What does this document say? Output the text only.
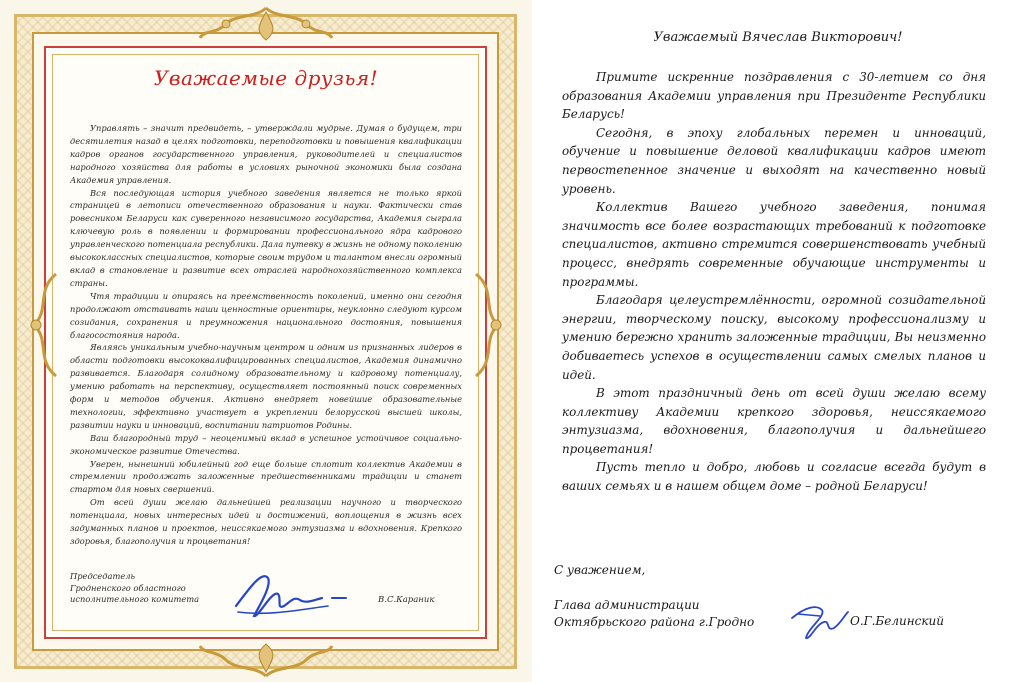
Уважаемые друзья!

Управлять – значит предвидеть, – утверждали мудрые. Думая о будущем, три десятилетия назад в целях подготовки, переподготовки и повышения квалификации кадров органов государственного управления, руководителей и специалистов народного хозяйства для работы в условиях рыночной экономики была создана Академия управления.

Вся последующая история учебного заведения является не только яркой страницей в летописи отечественного образования и науки. Фактически став ровесником Беларуси как суверенного независимого государства, Академия сыграла ключевую роль в появлении и формировании профессионального ядра кадрового управленческого потенциала республики. Дала путевку в жизнь не одному поколению высококлассных специалистов, которые своим трудом и талантом внесли огромный вклад в становление и развитие всех отраслей народнохозяйственного комплекса страны.

Чтя традиции и опираясь на преемственность поколений, именно они сегодня продолжают отстаивать наши ценностные ориентиры, неуклонно следуют курсом созидания, сохранения и преумножения национального достояния, повышения благосостояния народа.

Являясь уникальным учебно-научным центром и одним из признанных лидеров в области подготовки высококвалифицированных специалистов, Академия динамично развивается. Благодаря солидному образовательному и кадровому потенциалу, умению работать на перспективу, осуществляет постоянный поиск современных форм и методов обучения. Активно внедряет новейшие образовательные технологии, эффективно участвует в укреплении белорусской высшей школы, развитии науки и инноваций, воспитании патриотов Родины.

Ваш благородный труд – неоценимый вклад в успешное устойчивое социально-экономическое развитие Отечества.

Уверен, нынешний юбилейный год еще больше сплотит коллектив Академии в стремлении продолжать заложенные предшественниками традиции и станет стартом для новых свершений.

От всей души желаю дальнейшей реализации научного и творческого потенциала, новых интересных идей и достижений, воплощения в жизнь всех задуманных планов и проектов, неиссякаемого энтузиазма и вдохновения. Крепкого здоровья, благополучия и процветания!

Председатель
Гродненского областного
исполнительного комитета	В.С.Караник
Уважаемый Вячеслав Викторович!

Примите искренние поздравления с 30-летием со дня образования Академии управления при Президенте Республики Беларусь!

Сегодня, в эпоху глобальных перемен и инноваций, обучение и повышение деловой квалификации кадров имеют первостепенное значение и выходят на качественно новый уровень.

Коллектив Вашего учебного заведения, понимая значимость все более возрастающих требований к подготовке специалистов, активно стремится совершенствовать учебный процесс, внедрять современные обучающие инструменты и программы.

Благодаря целеустремлённости, огромной созидательной энергии, творческому поиску, высокому профессионализму и умению бережно хранить заложенные традиции, Вы неизменно добиваетесь успехов в осуществлении самых смелых планов и идей.

В этот праздничный день от всей души желаю всему коллективу Академии крепкого здоровья, неиссякаемого энтузиазма, вдохновения, благополучия и дальнейшего процветания!

Пусть тепло и добро, любовь и согласие всегда будут в ваших семьях и в нашем общем доме – родной Беларуси!

С уважением,
Глава администрации
Октябрьского района г.Гродно	О.Г.Белинский
